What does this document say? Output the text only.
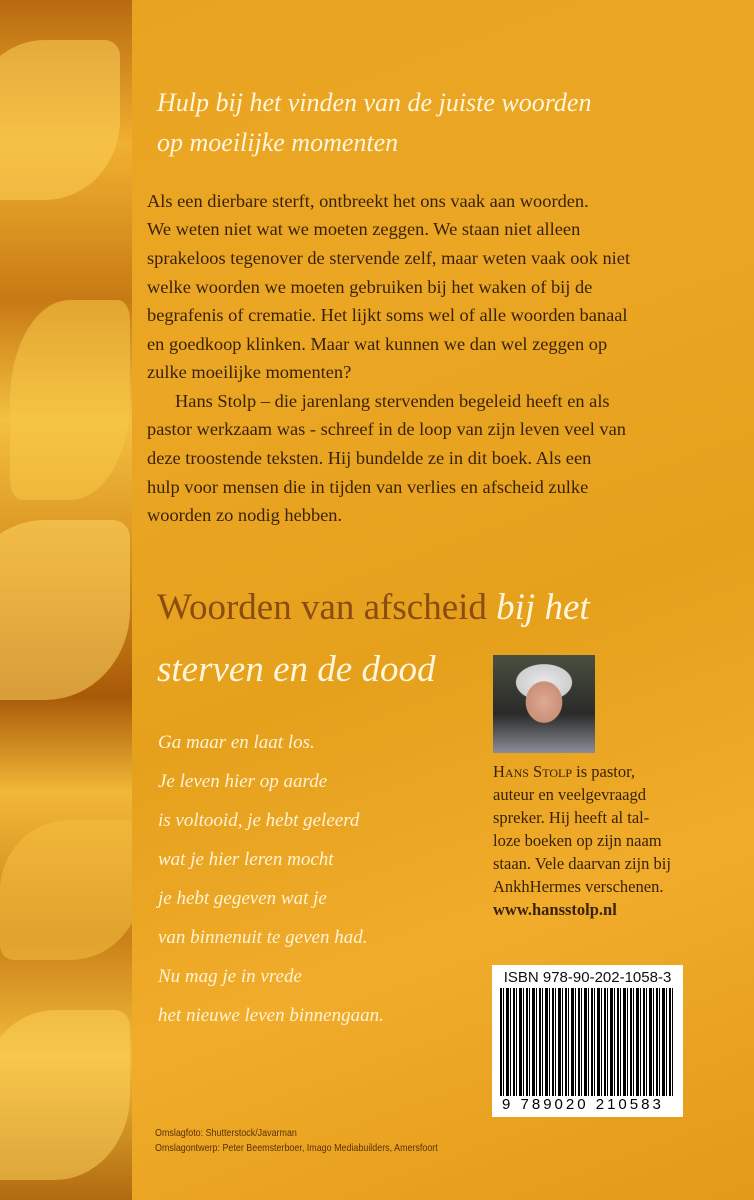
Hulp bij het vinden van de juiste woorden
op moeilijke momenten
Als een dierbare sterft, ontbreekt het ons vaak aan woorden.
We weten niet wat we moeten zeggen. We staan niet alleen
sprakeloos tegenover de stervende zelf, maar weten vaak ook niet
welke woorden we moeten gebruiken bij het waken of bij de
begrafenis of crematie. Het lijkt soms wel of alle woorden banaal
en goedkoop klinken. Maar wat kunnen we dan wel zeggen op
zulke moeilijke momenten?
Hans Stolp – die jarenlang stervenden begeleid heeft en als
pastor werkzaam was - schreef in de loop van zijn leven veel van
deze troostende teksten. Hij bundelde ze in dit boek. Als een
hulp voor mensen die in tijden van verlies en afscheid zulke
woorden zo nodig hebben.
Woorden van afscheid bij het
sterven en de dood
Ga maar en laat los.
Je leven hier op aarde
is voltooid, je hebt geleerd
wat je hier leren mocht
je hebt gegeven wat je
van binnenuit te geven had.
Nu mag je in vrede
het nieuwe leven binnengaan.
Hans Stolp is pastor,
auteur en veelgevraagd
spreker. Hij heeft al tal-
loze boeken op zijn naam
staan. Vele daarvan zijn bij
AnkhHermes verschenen.
www.hansstolp.nl
ISBN 978-90-202-1058-3
9 789020 210583
Omslagfoto: Shutterstock/Javarman
Omslagontwerp: Peter Beemsterboer, Imago Mediabuilders, Amersfoort
